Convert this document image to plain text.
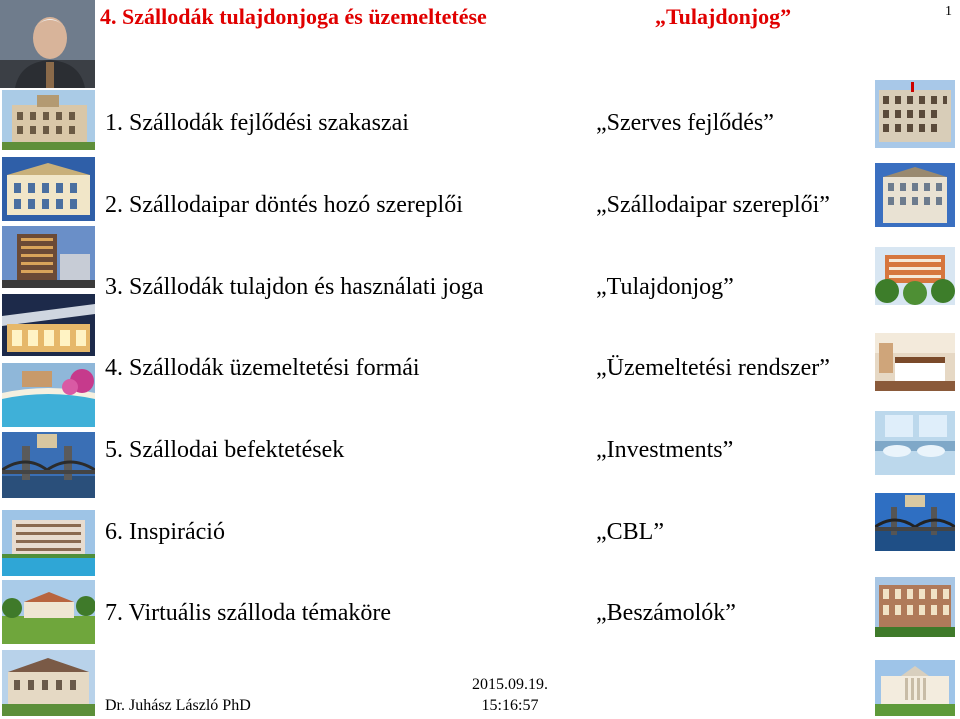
4. Szállodák tulajdonjoga és üzemeltetése	„Tulajdonjog”	1
1. Szállodák fejlődési szakaszai	„Szerves fejlődés”
2. Szállodaipar döntés hozó szereplői	„Szállodaipar szereplői”
3. Szállodák tulajdon és használati joga	„Tulajdonjog”
4. Szállodák üzemeltetési formái	„Üzemeltetési rendszer”
5. Szállodai befektetések	„Investments”
6. Inspiráció	„CBL”
7. Virtuális szálloda témaköre	„Beszámolók”
Dr. Juhász László PhD
2015.09.19.
15:16:57
